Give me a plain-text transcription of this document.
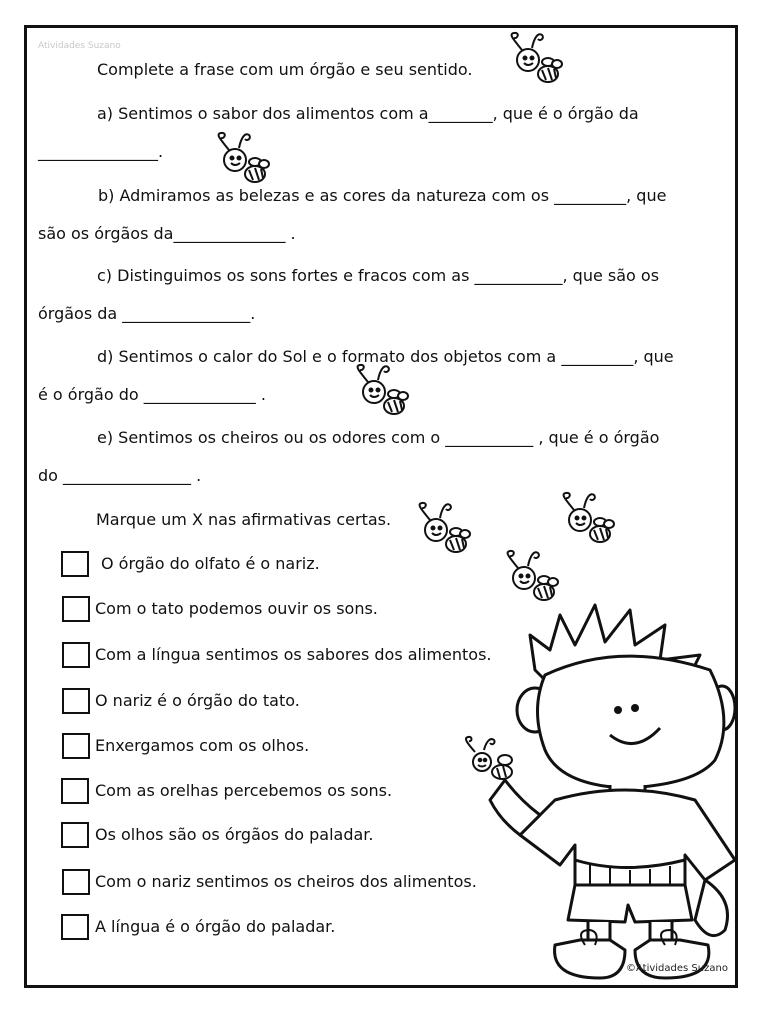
Atividades Suzano
Complete a frase com um órgão e seu sentido.
a) Sentimos o sabor dos alimentos com a________, que é o órgão da
_______________.
b) Admiramos as belezas e as cores da natureza com os _________, que
são os órgãos da______________ .
c) Distinguimos os sons fortes e fracos com as ___________, que são os
órgãos da ________________.
d) Sentimos o calor do Sol e o formato dos objetos com a _________, que
é o órgão do ______________ .
e) Sentimos os cheiros ou os odores com o ___________ , que é o órgão
do ________________ .
Marque um X nas afirmativas certas.
O órgão do olfato é o nariz.
Com o tato podemos ouvir os sons.
Com a língua sentimos os sabores dos alimentos.
O nariz é o órgão do tato.
Enxergamos com os olhos.
Com as orelhas percebemos os sons.
Os olhos são os órgãos do paladar.
Com o nariz sentimos os cheiros dos alimentos.
A língua é o órgão do paladar.
©Atividades Suzano
